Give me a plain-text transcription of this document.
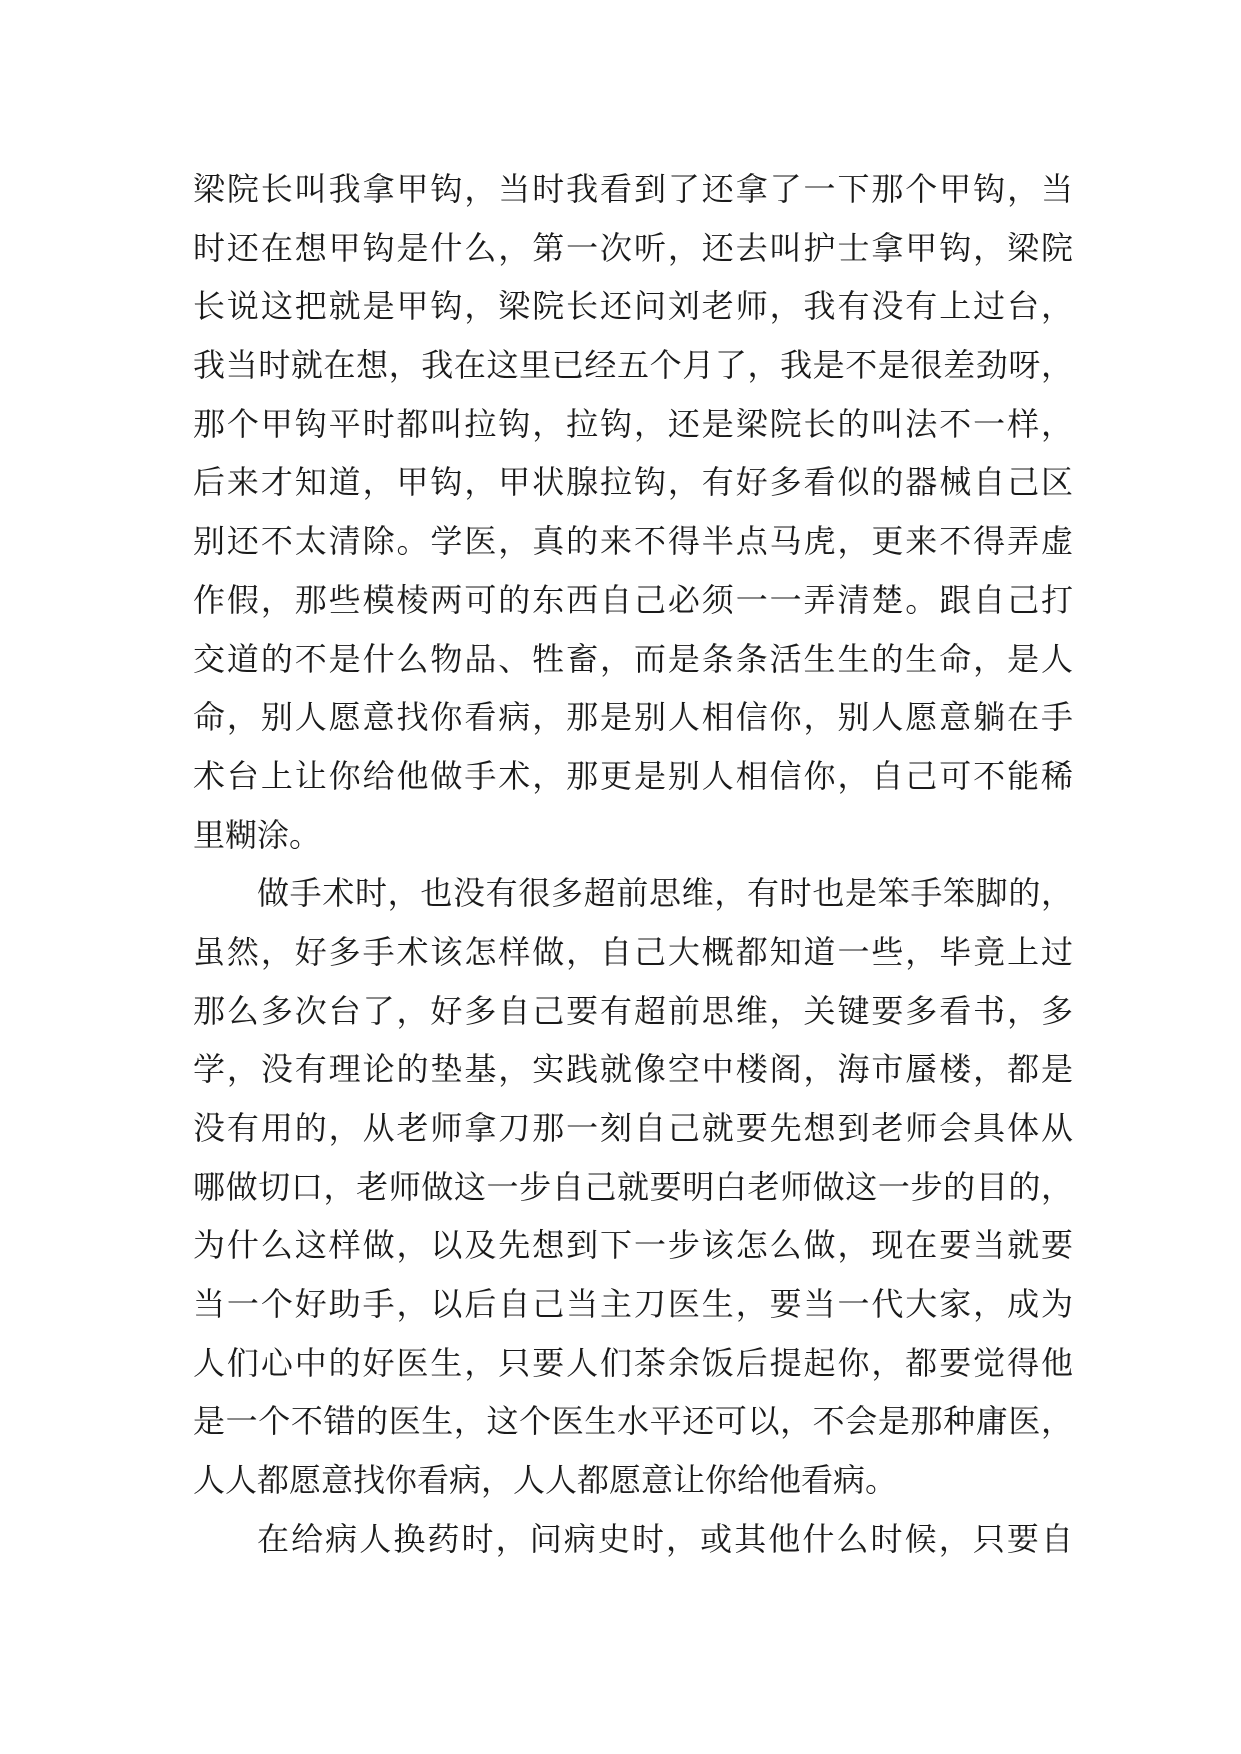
梁院长叫我拿甲钩，当时我看到了还拿了一下那个甲钩，当
时还在想甲钩是什么，第一次听，还去叫护士拿甲钩，梁院
长说这把就是甲钩，梁院长还问刘老师，我有没有上过台，
我当时就在想，我在这里已经五个月了，我是不是很差劲呀，
那个甲钩平时都叫拉钩，拉钩，还是梁院长的叫法不一样，
后来才知道，甲钩，甲状腺拉钩，有好多看似的器械自己区
别还不太清除。学医，真的来不得半点马虎，更来不得弄虚
作假，那些模棱两可的东西自己必须一一弄清楚。跟自己打
交道的不是什么物品、牲畜，而是条条活生生的生命，是人
命，别人愿意找你看病，那是别人相信你，别人愿意躺在手
术台上让你给他做手术，那更是别人相信你，自己可不能稀
里糊涂。
做手术时，也没有很多超前思维，有时也是笨手笨脚的，
虽然，好多手术该怎样做，自己大概都知道一些，毕竟上过
那么多次台了，好多自己要有超前思维，关键要多看书，多
学，没有理论的垫基，实践就像空中楼阁，海市蜃楼，都是
没有用的，从老师拿刀那一刻自己就要先想到老师会具体从
哪做切口，老师做这一步自己就要明白老师做这一步的目的，
为什么这样做，以及先想到下一步该怎么做，现在要当就要
当一个好助手，以后自己当主刀医生，要当一代大家，成为
人们心中的好医生，只要人们茶余饭后提起你，都要觉得他
是一个不错的医生，这个医生水平还可以，不会是那种庸医，
人人都愿意找你看病，人人都愿意让你给他看病。
在给病人换药时，问病史时，或其他什么时候，只要自
